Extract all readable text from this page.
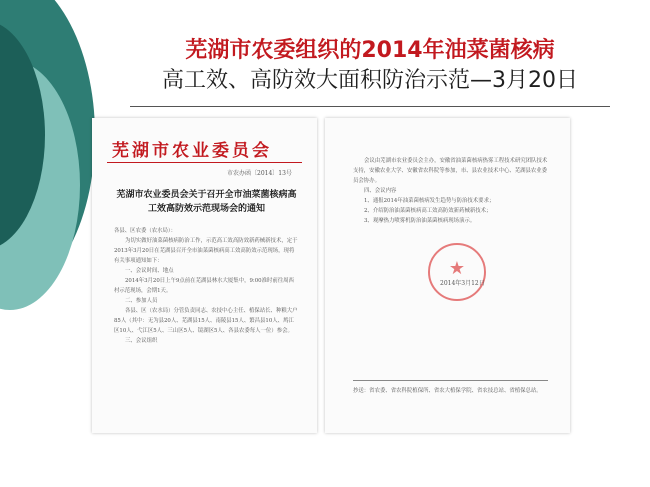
芜湖市农委组织的2014年油菜菌核病
高工效、高防效大面积防治示范—3月20日
芜湖市农业委员会
市农办函〔2014〕13号
芜湖市农业委员会关于召开全市油菜菌核病高工效高防效示范现场会的通知

各县、区农委（农水局）：

为切实做好油菜菌核病防治工作，示范高工效高防效新药械新技术，定于2013年3月20日在芜湖县召开全市油菜菌核病高工效高防效示范现场，现将有关事项通知如下：

一、会议时间、地点

2014年3月20日上午9点前在芜湖县林水大厦集中，9:00准时前往周西村示范现场，会期1天。

二、参加人员

各县、区（农水局）分管负责同志、农技中心主任、植保站长、种粮大户85人（其中：无为县20人、芜湖县15人、南陵县15人、繁昌县10人、鸠江区10人、弋江区5人、三山区5人、镜湖区5人、各县农委每人一位）参会。

三、会议组织

会议由芜湖市农业委员会主办，安徽省油菜菌核病热雾工程技术研究团队技术支持，安徽农业大学、安徽省农科院等参加，市、县农业技术中心、芜湖县农业委员会协办。

四、会议内容

1、通报2014年油菜菌核病发生趋势与防治技术要求；

2、介绍防治油菜菌核病高工效高防效新药械新技术；

3、观摩热力喷雾机防治油菜菌核病现场演示。

★
2014年3月12日

抄送：省农委、省农科院植保所、省农大植保学院、省农技总站、省植保总站。
